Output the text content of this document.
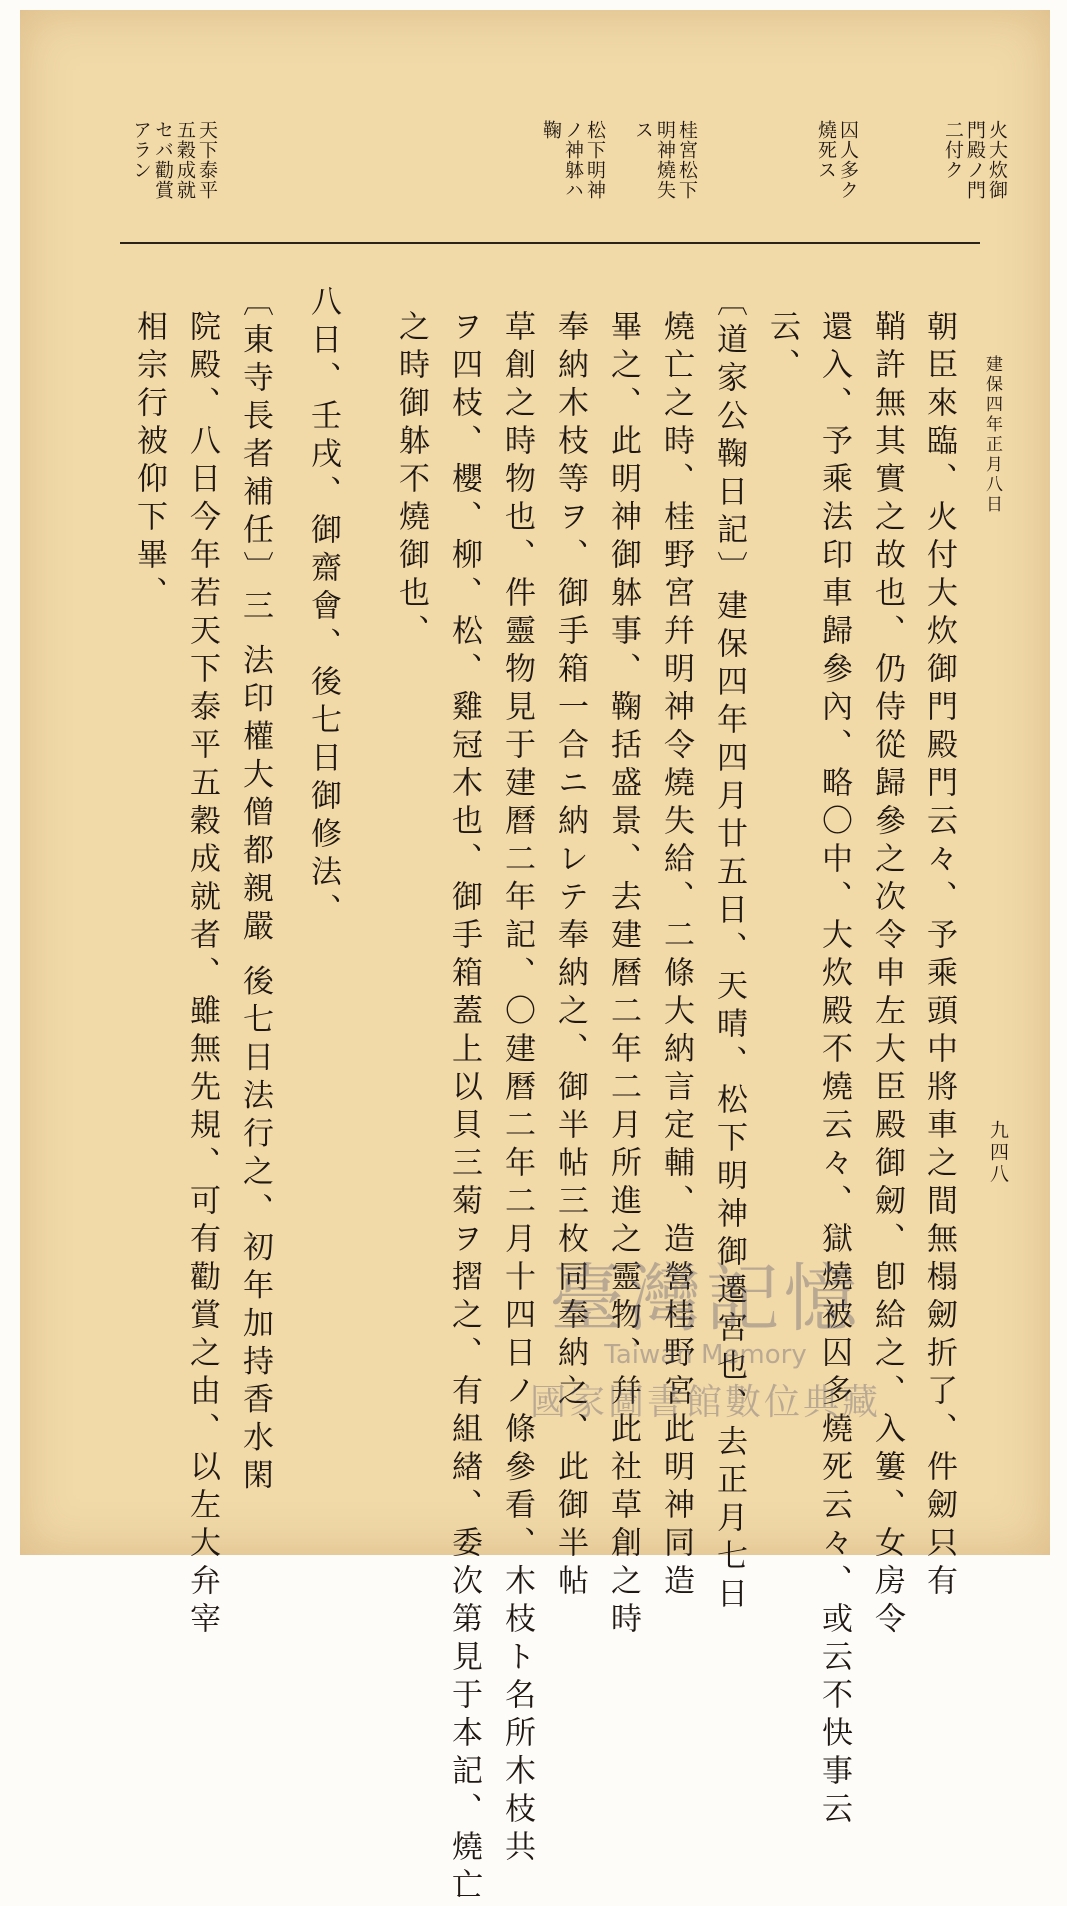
建保四年正月八日
九四八
火大炊御
門殿ノ門
二付ク
囚人多ク
燒死ス
桂宮松下
明神燒失
ス
松下明神
ノ神躰ハ
鞠
天下泰平
五穀成就
セバ勸賞
アラン
朝臣來臨、火付大炊御門殿門云々、予乘頭中將車之間無榻劒折了、件劒只有
鞘許無其實之故也、仍侍從歸參之次令申左大臣殿御劒、卽給之、入簍、女房令
還入、予乘法印車歸參內、略〇中、大炊殿不燒云々、獄燒被囚多燒死云々、或云不快事云
云、
〔道家公鞠日記〕建保四年四月廿五日、天晴、松下明神御遷宮也、去正月七日
燒亡之時、桂野宮幷明神令燒失給、二條大納言定輔、造營桂野宮此明神同造
畢之、此明神御躰事、鞠括盛景、去建曆二年二月所進之靈物、幷此社草創之時
奉納木枝等ヲ、御手箱一合ニ納レテ奉納之、御半帖三枚同奉納之、此御半帖
草創之時物也、件靈物見于建曆二年記、〇建曆二年二月十四日ノ條參看、木枝ト名所木枝共
ヲ四枝、櫻、柳、松、雞冠木也、御手箱蓋上以貝三菊ヲ摺之、有組緖、委次第見于本記、燒亡
之時御躰不燒御也、
八日、壬戌、御齋會、後七日御修法、
〔東寺長者補任〕三 法印權大僧都親嚴 後七日法行之、初年加持香水閑
院殿、八日今年若天下泰平五穀成就者、雖無先規、可有勸賞之由、以左大弁宰
相宗行被仰下畢、
臺灣記憶
Taiwan Memory
國家圖書館數位典藏
